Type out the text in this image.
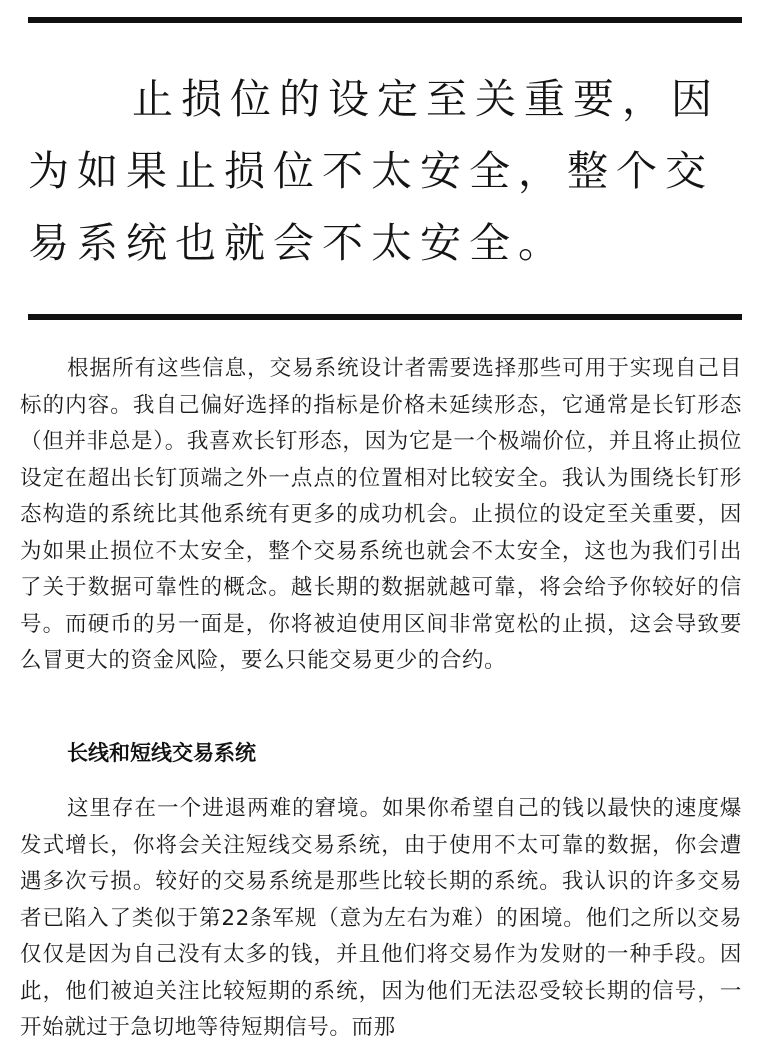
止损位的设定至关重要，因为如果止损位不太安全，整个交易系统也就会不太安全。

根据所有这些信息，交易系统设计者需要选择那些可用于实现自己目标的内容。我自己偏好选择的指标是价格未延续形态，它通常是长钉形态（但并非总是）。我喜欢长钉形态，因为它是一个极端价位，并且将止损位设定在超出长钉顶端之外一点点的位置相对比较安全。我认为围绕长钉形态构造的系统比其他系统有更多的成功机会。止损位的设定至关重要，因为如果止损位不太安全，整个交易系统也就会不太安全，这也为我们引出了关于数据可靠性的概念。越长期的数据就越可靠，将会给予你较好的信号。而硬币的另一面是，你将被迫使用区间非常宽松的止损，这会导致要么冒更大的资金风险，要么只能交易更少的合约。

长线和短线交易系统

这里存在一个进退两难的窘境。如果你希望自己的钱以最快的速度爆发式增长，你将会关注短线交易系统，由于使用不太可靠的数据，你会遭遇多次亏损。较好的交易系统是那些比较长期的系统。我认识的许多交易者已陷入了类似于第22条军规（意为左右为难）的困境。他们之所以交易仅仅是因为自己没有太多的钱，并且他们将交易作为发财的一种手段。因此，他们被迫关注比较短期的系统，因为他们无法忍受较长期的信号，一开始就过于急切地等待短期信号。而那
